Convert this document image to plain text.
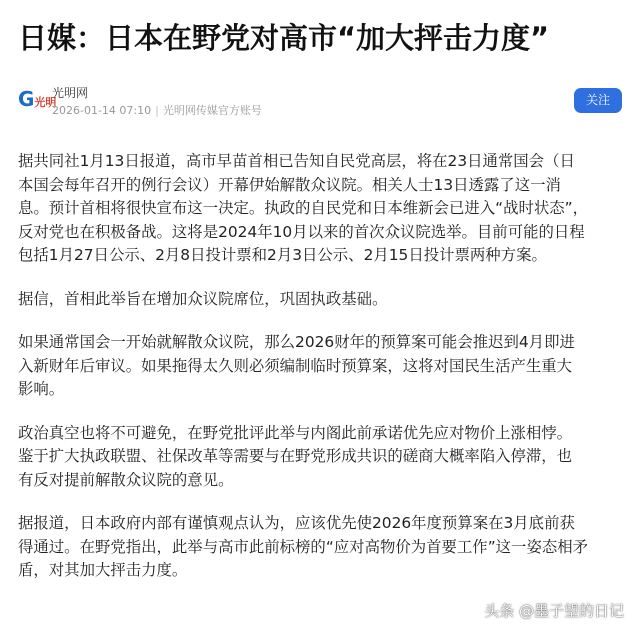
日媒：日本在野党对高市“加大抨击力度”
G光明
光明网
2026-01-14 07:10 | 光明网传媒官方账号
关注

据共同社1月13日报道，高市早苗首相已告知自民党高层，将在23日通常国会（日
本国会每年召开的例行会议）开幕伊始解散众议院。相关人士13日透露了这一消
息。预计首相将很快宣布这一决定。执政的自民党和日本维新会已进入“战时状态”，
反对党也在积极备战。这将是2024年10月以来的首次众议院选举。目前可能的日程
包括1月27日公示、2月8日投计票和2月3日公示、2月15日投计票两种方案。

据信，首相此举旨在增加众议院席位，巩固执政基础。

如果通常国会一开始就解散众议院，那么2026财年的预算案可能会推迟到4月即进
入新财年后审议。如果拖得太久则必须编制临时预算案，这将对国民生活产生重大
影响。

政治真空也将不可避免，在野党批评此举与内阁此前承诺优先应对物价上涨相悖。
鉴于扩大执政联盟、社保改革等需要与在野党形成共识的磋商大概率陷入停滞，也
有反对提前解散众议院的意见。

据报道，日本政府内部有谨慎观点认为，应该优先使2026年度预算案在3月底前获
得通过。在野党指出，此举与高市此前标榜的“应对高物价为首要工作”这一姿态相矛
盾，对其加大抨击力度。

头条 @墨子望的日记
